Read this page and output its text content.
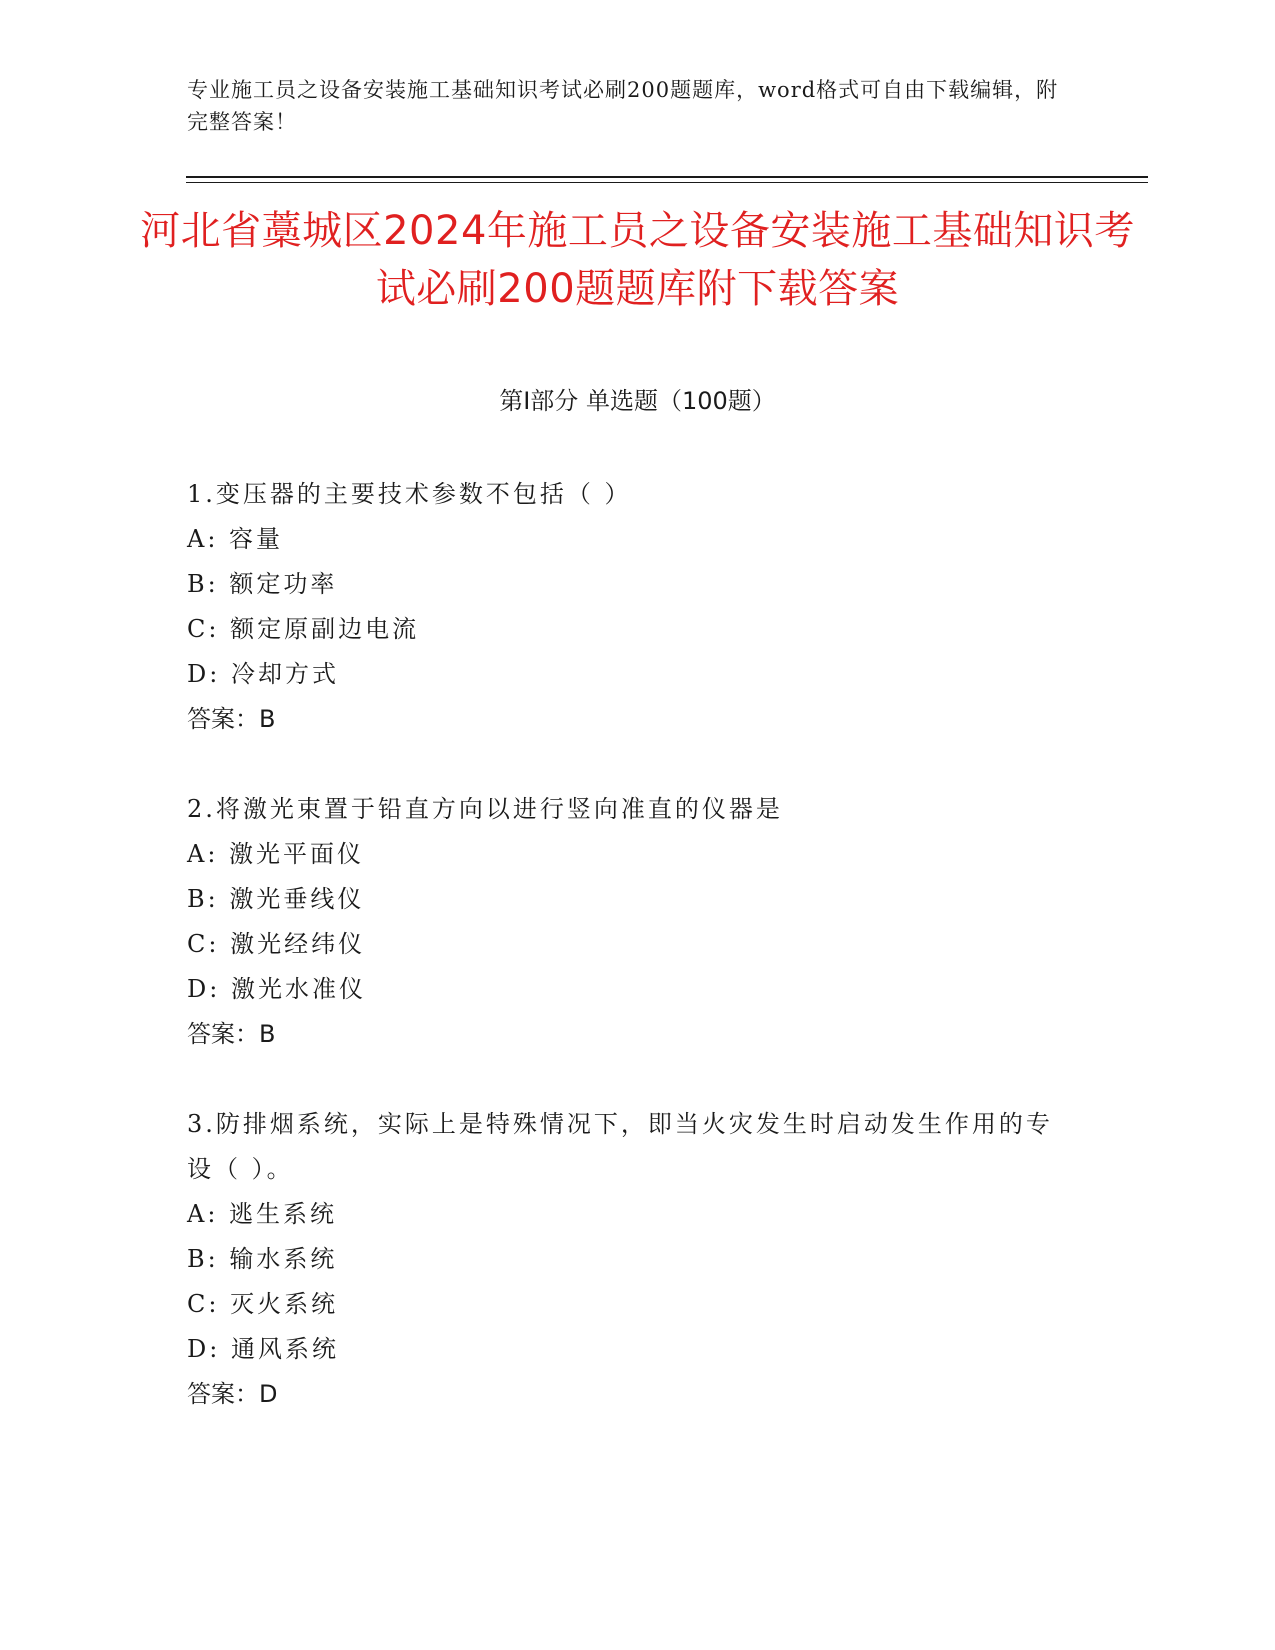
专业施工员之设备安装施工基础知识考试必刷200题题库，word格式可自由下载编辑，附完整答案！
河北省藁城区2024年施工员之设备安装施工基础知识考试必刷200题题库附下载答案
第Ⅰ部分 单选题（100题）
1.变压器的主要技术参数不包括（ ）
A: 容量
B: 额定功率
C: 额定原副边电流
D: 冷却方式
答案：B
2.将激光束置于铅直方向以进行竖向准直的仪器是
A: 激光平面仪
B: 激光垂线仪
C: 激光经纬仪
D: 激光水准仪
答案：B
3.防排烟系统，实际上是特殊情况下，即当火灾发生时启动发生作用的专设（ ）。
A: 逃生系统
B: 输水系统
C: 灭火系统
D: 通风系统
答案：D
